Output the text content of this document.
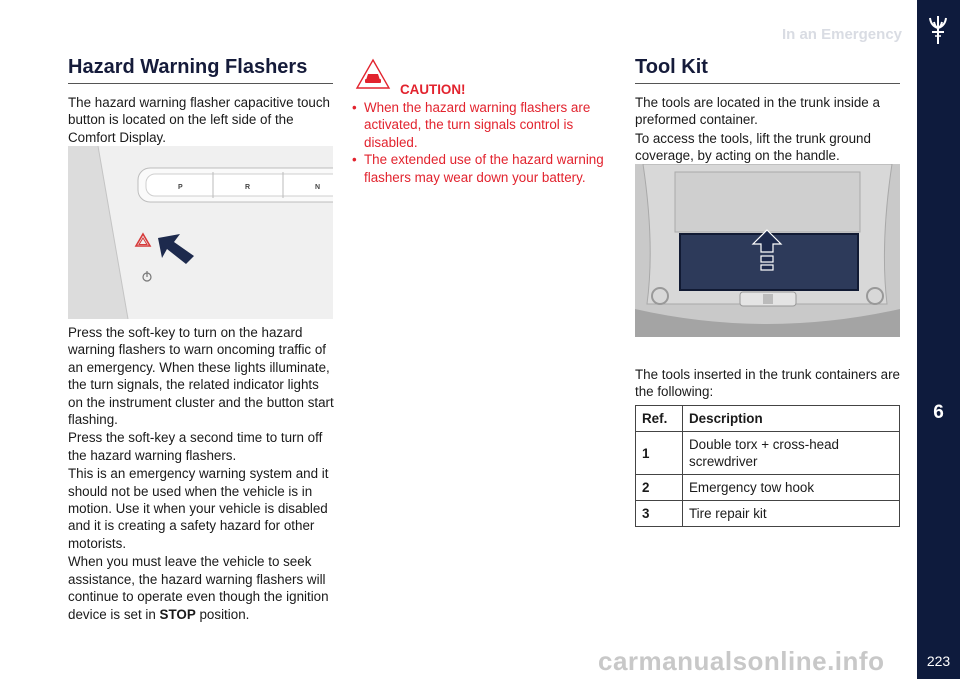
6
223
In an Emergency
Hazard Warning Flashers

The hazard warning flasher capacitive touch button is located on the left side of the Comfort Display.

P	R	N

Press the soft-key to turn on the hazard warning flashers to warn oncoming traffic of an emergency. When these lights illuminate, the turn signals, the related indicator lights on the instrument cluster and the button start flashing.

Press the soft-key a second time to turn off the hazard warning flashers.

This is an emergency warning system and it should not be used when the vehicle is in motion. Use it when your vehicle is disabled and it is creating a safety hazard for other motorists.

When you must leave the vehicle to seek assistance, the hazard warning flashers will continue to operate even though the ignition device is set in STOP position.

CAUTION!
• When the hazard warning flashers are activated, the turn signals control is disabled.
• The extended use of the hazard warning flashers may wear down your battery.
Tool Kit

The tools are located in the trunk inside a preformed container.

To access the tools, lift the trunk ground coverage, by acting on the handle.

The tools inserted in the trunk containers are the following:

Ref.	Description
1	Double torx + cross-head screwdriver
2	Emergency tow hook
3	Tire repair kit
carmanualsonline.info
